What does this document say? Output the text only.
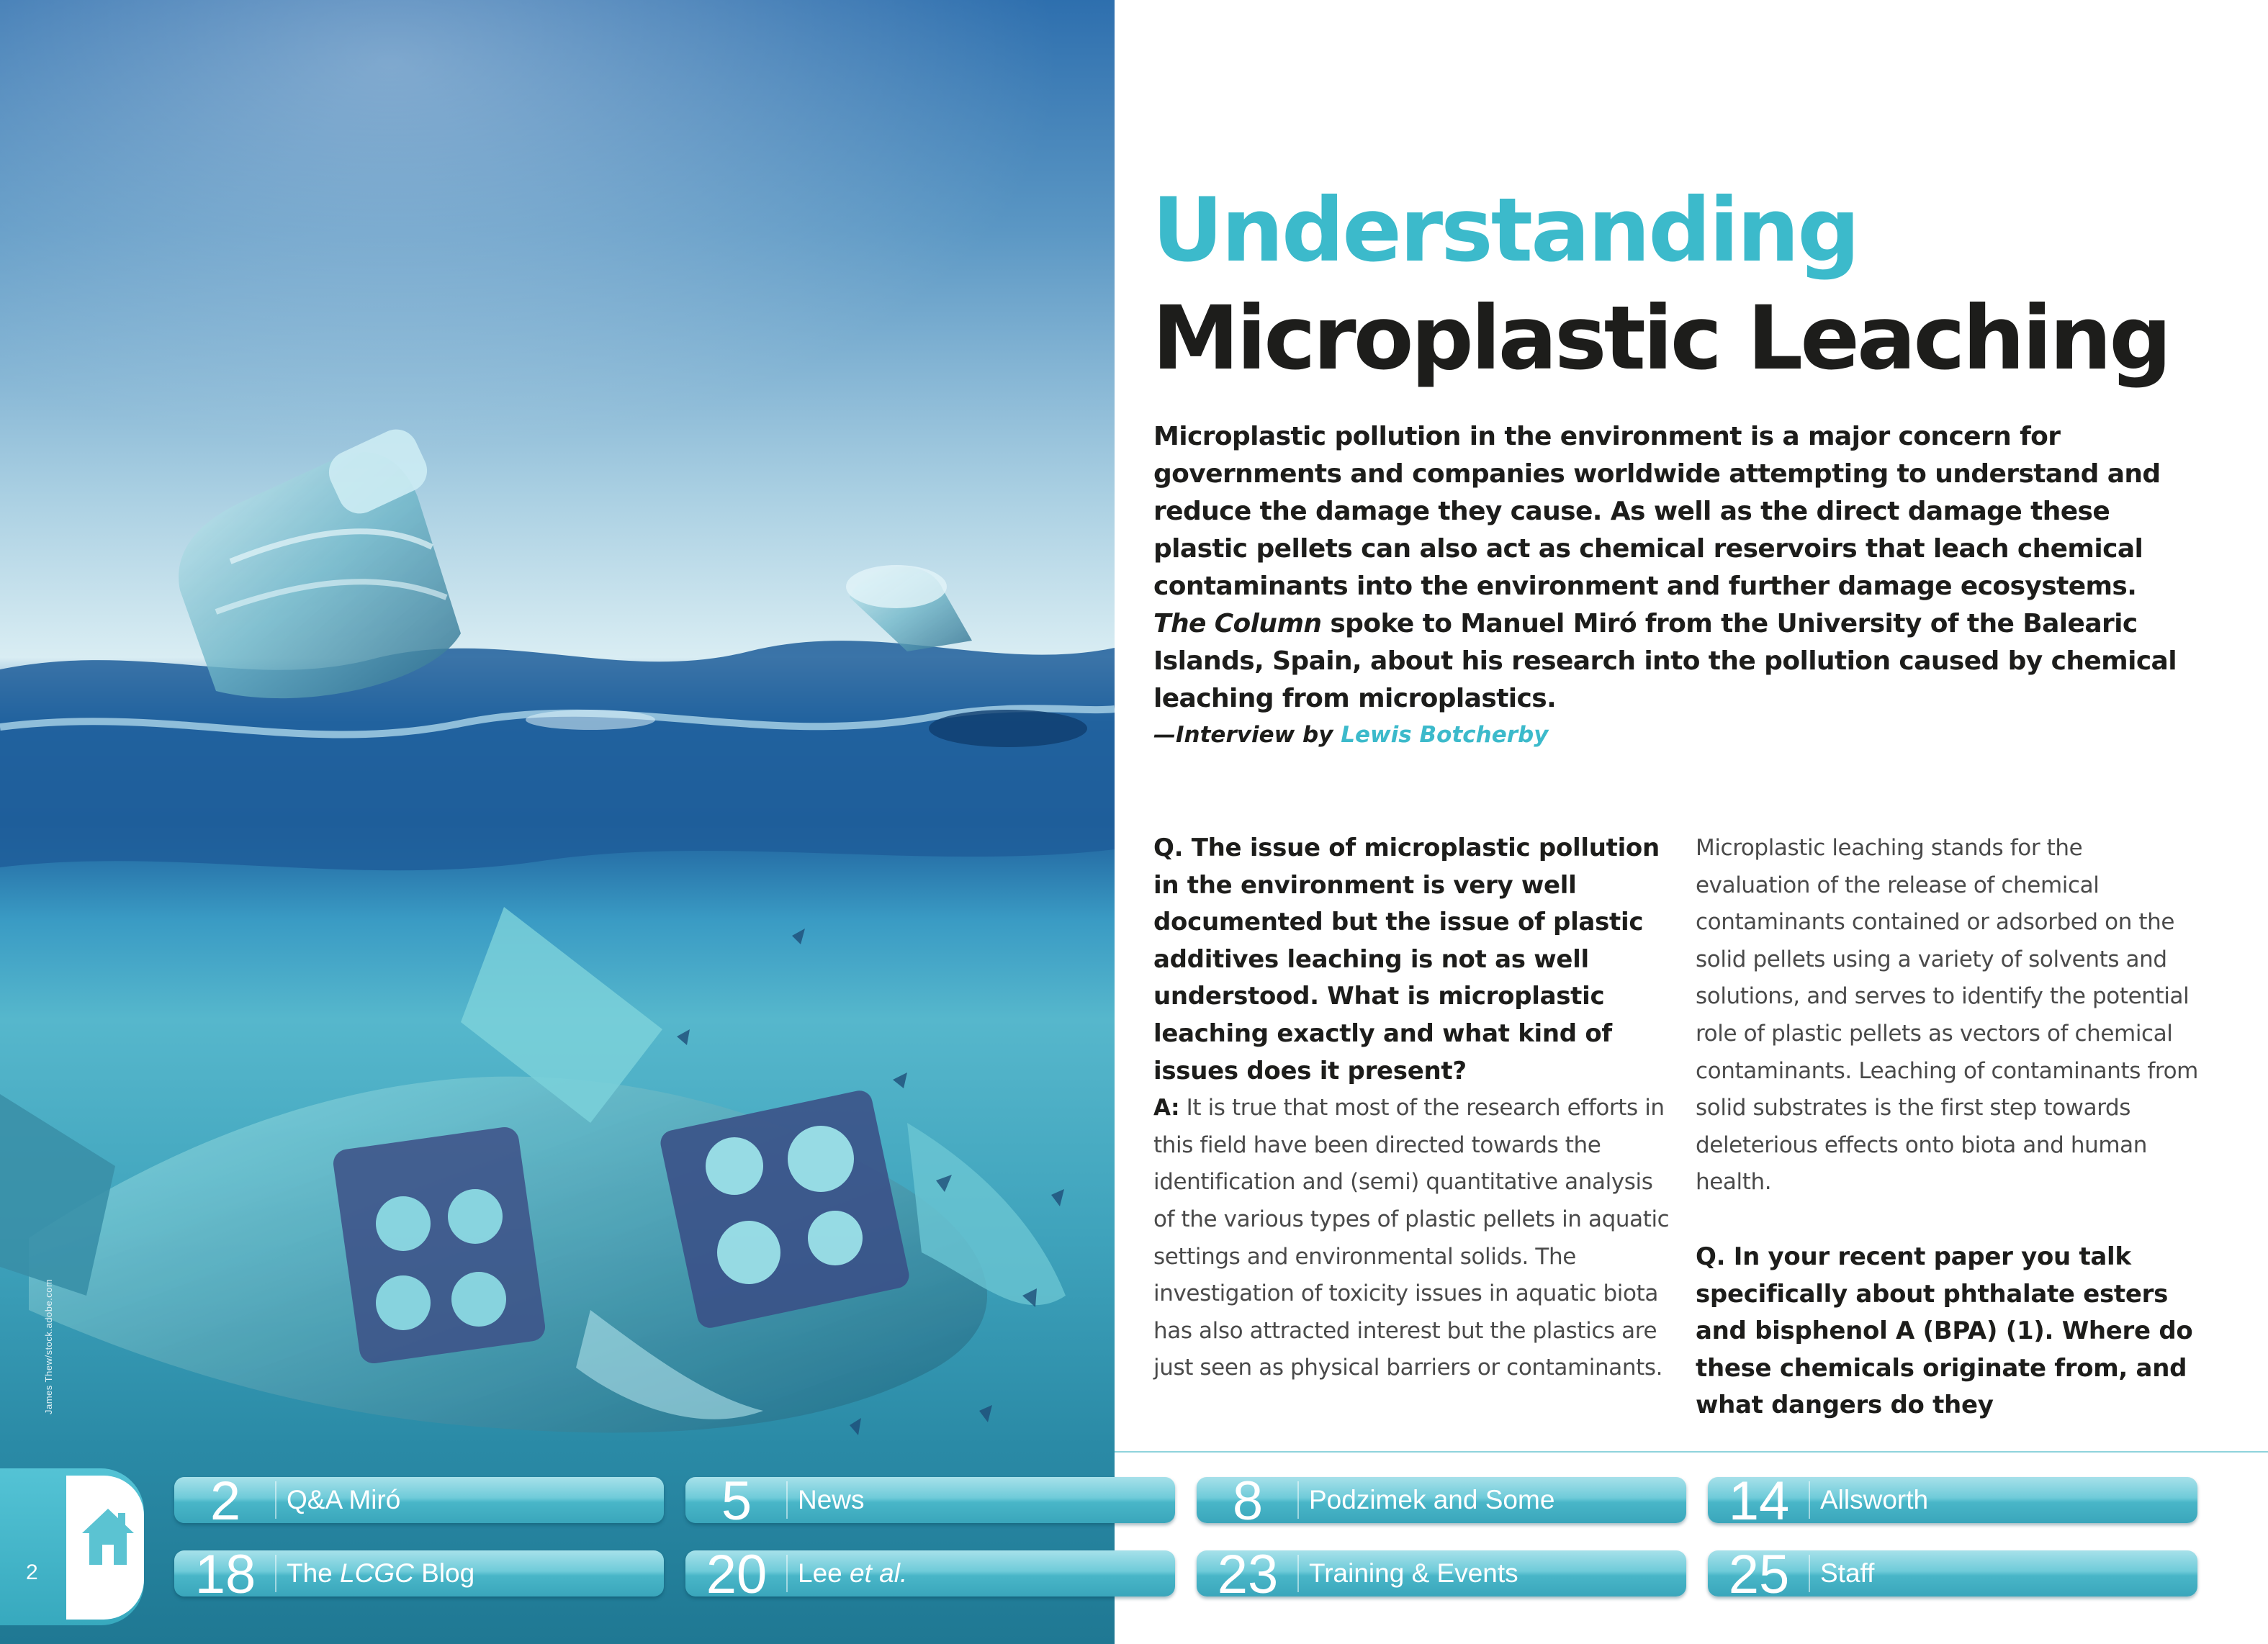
James Thew/stock.adobe.com
Understanding
Microplastic Leaching

Microplastic pollution in the environment is a major concern for governments and companies worldwide attempting to understand and reduce the damage they cause. As well as the direct damage these plastic pellets can also act as chemical reservoirs that leach chemical contaminants into the environment and further damage ecosystems. The Column spoke to Manuel Miró from the University of the Balearic Islands, Spain, about his research into the pollution caused by chemical leaching from microplastics.

—Interview by Lewis Botcherby

Q. The issue of microplastic pollution in the environment is very well documented but the issue of plastic additives leaching is not as well understood. What is microplastic leaching exactly and what kind of issues does it present?

A: It is true that most of the research efforts in this field have been directed towards the identification and (semi) quantitative analysis of the various types of plastic pellets in aquatic settings and environmental solids. The investigation of toxicity issues in aquatic biota has also attracted interest but the plastics are just seen as physical barriers or contaminants.

Microplastic leaching stands for the evaluation of the release of chemical contaminants contained or adsorbed on the solid pellets using a variety of solvents and solutions, and serves to identify the potential role of plastic pellets as vectors of chemical contaminants. Leaching of contaminants from solid substrates is the first step towards deleterious effects onto biota and human health.

Q. In your recent paper you talk specifically about phthalate esters and bisphenol A (BPA) (1). Where do these chemicals originate from, and what dangers do they

2
2	Q&A Miró	5	News	8	Podzimek and Some	14	Allsworth
18	The LCGC Blog	20	Lee et al.	23	Training & Events	25	Staff
